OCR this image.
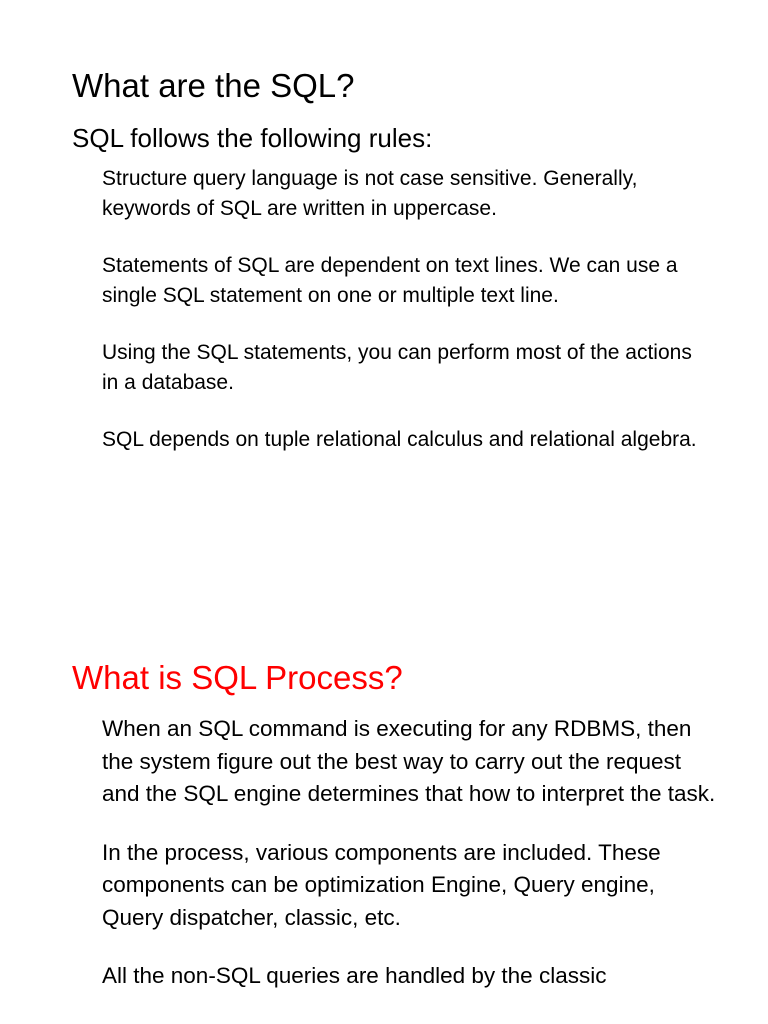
What are the SQL?

SQL follows the following rules:

Structure query language is not case sensitive. Generally, keywords of SQL are written in uppercase.
Statements of SQL are dependent on text lines. We can use a single SQL statement on one or multiple text line.
Using the SQL statements, you can perform most of the actions in a database.
SQL depends on tuple relational calculus and relational algebra.
What is SQL Process?
When an SQL command is executing for any RDBMS, then the system figure out the best way to carry out the request and the SQL engine determines that how to interpret the task.
In the process, various components are included. These components can be optimization Engine, Query engine, Query dispatcher, classic, etc.
All the non-SQL queries are handled by the classic
